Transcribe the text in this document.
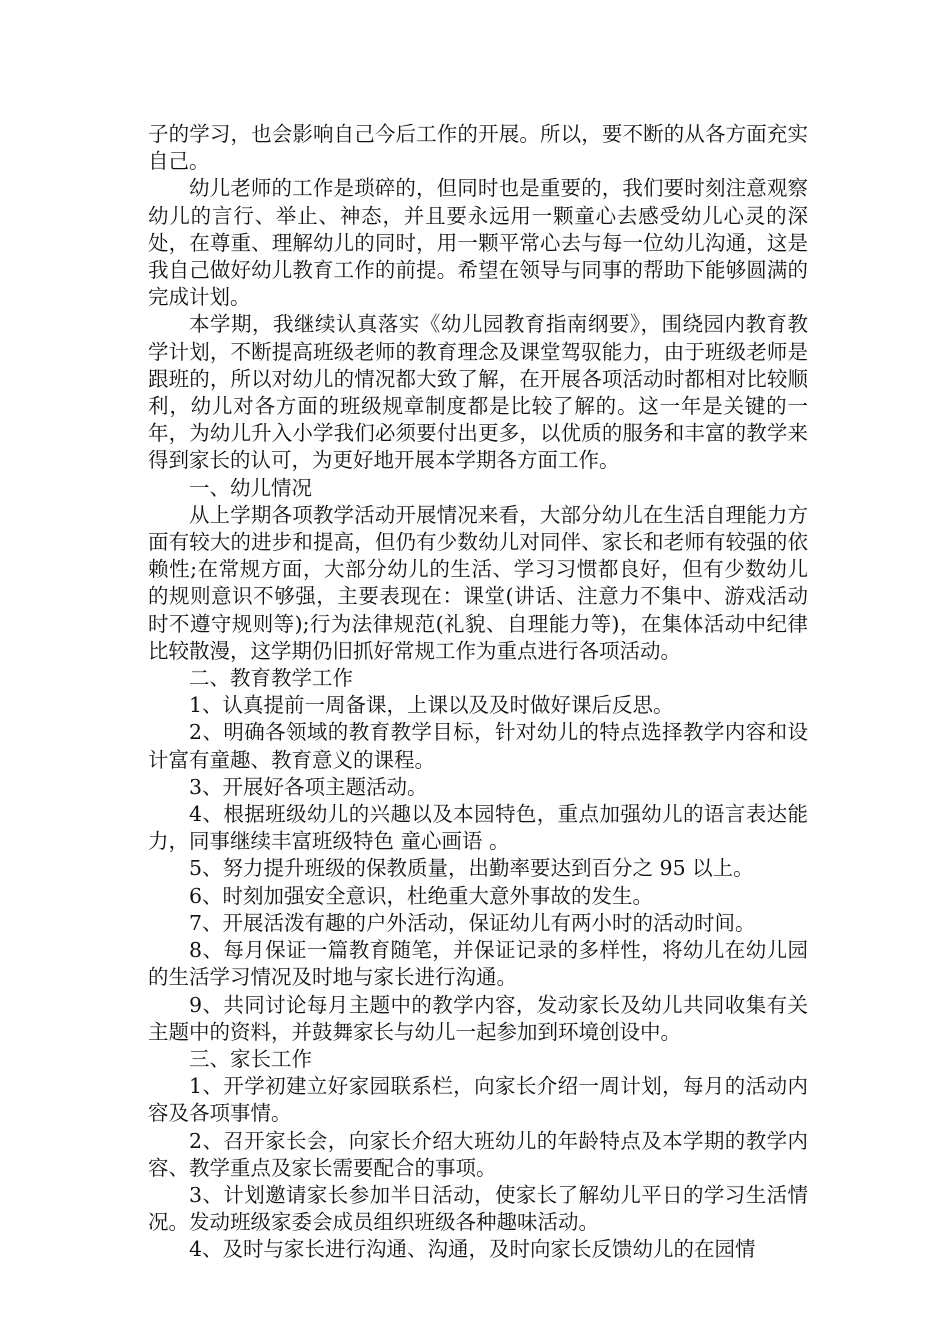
子的学习，也会影响自己今后工作的开展。所以，要不断的从各方面充实 自己。

幼儿老师的工作是琐碎的，但同时也是重要的，我们要时刻注意观察幼儿的言行、举止、神态，并且要永远用一颗童心去感受幼儿心灵的深处，在尊重、理解幼儿的同时，用一颗平常心去与每一位幼儿沟通，这是我自己做好幼儿教育工作的前提。希望在领导与同事的帮助下能够圆满的完成计划。

本学期，我继续认真落实《幼儿园教育指南纲要》，围绕园内教育教学计划，不断提高班级老师的教育理念及课堂驾驭能力，由于班级老师是跟班的，所以对幼儿的情况都大致了解，在开展各项活动时都相对比较顺利，幼儿对各方面的班级规章制度都是比较了解的。这一年是关键的一年，为幼儿升入小学我们必须要付出更多，以优质的服务和丰富的教学来得到家长的认可，为更好地开展本学期各方面工作。

一、幼儿情况

从上学期各项教学活动开展情况来看，大部分幼儿在生活自理能力方面有较大的进步和提高，但仍有少数幼儿对同伴、家长和老师有较强的依赖性;在常规方面，大部分幼儿的生活、学习习惯都良好，但有少数幼儿的规则意识不够强，主要表现在：课堂(讲话、注意力不集中、游戏活动时不遵守规则等);行为法律规范(礼貌、自理能力等)，在集体活动中纪律比较散漫，这学期仍旧抓好常规工作为重点进行各项活动。

二、教育教学工作

1、认真提前一周备课，上课以及及时做好课后反思。

2、明确各领域的教育教学目标，针对幼儿的特点选择教学内容和设计富有童趣、教育意义的课程。

3、开展好各项主题活动。

4、根据班级幼儿的兴趣以及本园特色，重点加强幼儿的语言表达能力，同事继续丰富班级特色 童心画语 。

5、努力提升班级的保教质量，出勤率要达到百分之 95 以上。

6、时刻加强安全意识，杜绝重大意外事故的发生。

7、开展活泼有趣的户外活动，保证幼儿有两小时的活动时间。

8、每月保证一篇教育随笔，并保证记录的多样性，将幼儿在幼儿园的生活学习情况及时地与家长进行沟通。

9、共同讨论每月主题中的教学内容，发动家长及幼儿共同收集有关主题中的资料，并鼓舞家长与幼儿一起参加到环境创设中。

三、家长工作

1、开学初建立好家园联系栏，向家长介绍一周计划，每月的活动内容及各项事情。

2、召开家长会，向家长介绍大班幼儿的年龄特点及本学期的教学内容、教学重点及家长需要配合的事项。

3、计划邀请家长参加半日活动，使家长了解幼儿平日的学习生活情况。发动班级家委会成员组织班级各种趣味活动。

4、及时与家长进行沟通、沟通，及时向家长反馈幼儿的在园情
